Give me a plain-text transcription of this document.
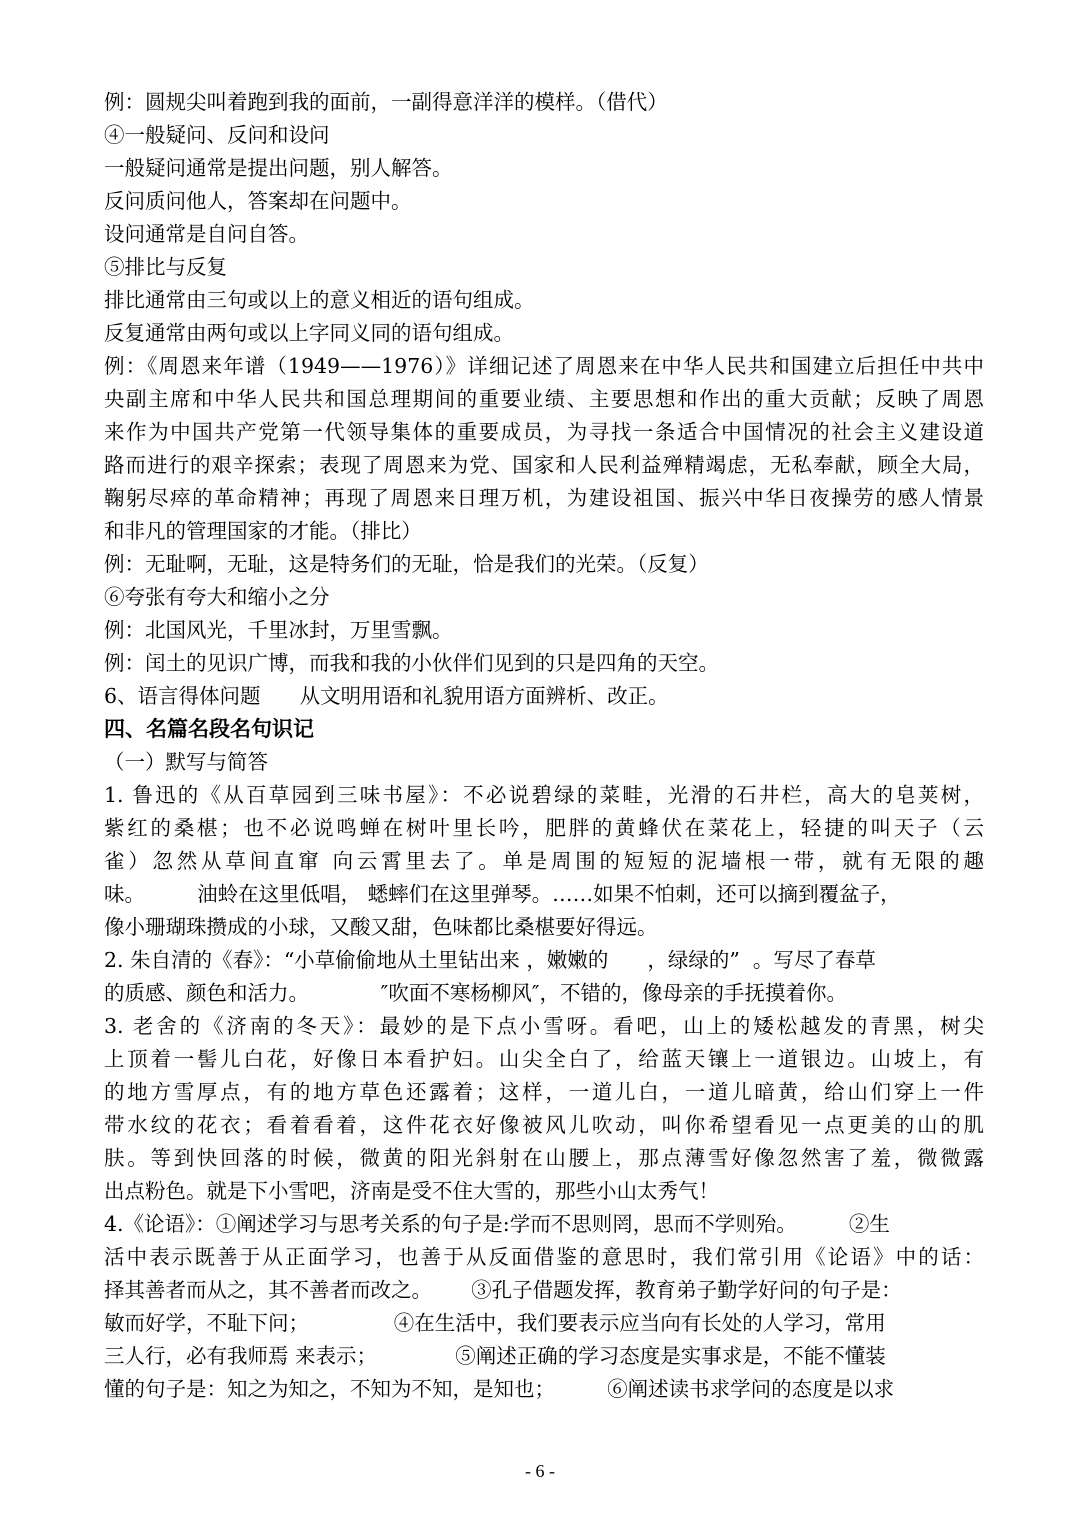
例：圆规尖叫着跑到我的面前，一副得意洋洋的模样。（借代）
④一般疑问、反问和设问
一般疑问通常是提出问题，别人解答。
反问质问他人，答案却在问题中。
设问通常是自问自答。
⑤排比与反复
排比通常由三句或以上的意义相近的语句组成。
反复通常由两句或以上字同义同的语句组成。
例：《周恩来年谱（1949——1976）》详细记述了周恩来在中华人民共和国建立后担任中共中
央副主席和中华人民共和国总理期间的重要业绩、主要思想和作出的重大贡献；反映了周恩
来作为中国共产党第一代领导集体的重要成员，为寻找一条适合中国情况的社会主义建设道
路而进行的艰辛探索；表现了周恩来为党、国家和人民利益殚精竭虑，无私奉献，顾全大局，
鞠躬尽瘁的革命精神；再现了周恩来日理万机，为建设祖国、振兴中华日夜操劳的感人情景
和非凡的管理国家的才能。（排比）
例：无耻啊，无耻，这是特务们的无耻，恰是我们的光荣。（反复）
⑥夸张有夸大和缩小之分
例：北国风光，千里冰封，万里雪飘。
例：闰土的见识广博，而我和我的小伙伴们见到的只是四角的天空。
6、语言得体问题      从文明用语和礼貌用语方面辨析、改正。
四、名篇名段名句识记
（一）默写与简答
1. 鲁迅的《从百草园到三味书屋》：不必说碧绿的菜畦，光滑的石井栏，高大的皂荚树，
紫红的桑椹；也不必说鸣蝉在树叶里长吟，肥胖的黄蜂伏在菜花上，轻捷的叫天子（云
雀）忽然从草间直窜 向云霄里去了。单是周围的短短的泥墙根一带，就有无限的趣
味。        油蛉在这里低唱， 蟋蟀们在这里弹琴。……如果不怕刺，还可以摘到覆盆子，
像小珊瑚珠攒成的小球，又酸又甜，色味都比桑椹要好得远。
2. 朱自清的《春》：“小草偷偷地从土里钻出来 ，嫩嫩的      ，绿绿的”  。写尽了春草
的质感、颜色和活力。           ″吹面不寒杨柳风″，不错的，像母亲的手抚摸着你。
3. 老舍的《济南的冬天》：最妙的是下点小雪呀。看吧，山上的矮松越发的青黑，树尖
上顶着一髻儿白花，好像日本看护妇。山尖全白了，给蓝天镶上一道银边。山坡上，有
的地方雪厚点，有的地方草色还露着；这样，一道儿白，一道儿暗黄，给山们穿上一件
带水纹的花衣；看着看着，这件花衣好像被风儿吹动，叫你希望看见一点更美的山的肌
肤。等到快回落的时候，微黄的阳光斜射在山腰上，那点薄雪好像忽然害了羞，微微露
出点粉色。就是下小雪吧，济南是受不住大雪的，那些小山太秀气！
4.《论语》：①阐述学习与思考关系的句子是:学而不思则罔，思而不学则殆。        ②生
活中表示既善于从正面学习，也善于从反面借鉴的意思时，我们常引用《论语》中的话：
择其善者而从之，其不善者而改之。      ③孔子借题发挥，教育弟子勤学好问的句子是：
敏而好学，不耻下问；             ④在生活中，我们要表示应当向有长处的人学习，常用
三人行，必有我师焉 来表示；            ⑤阐述正确的学习态度是实事求是，不能不懂装
懂的句子是：知之为知之，不知为不知，是知也；        ⑥阐述读书求学问的态度是以求
- 6 -
